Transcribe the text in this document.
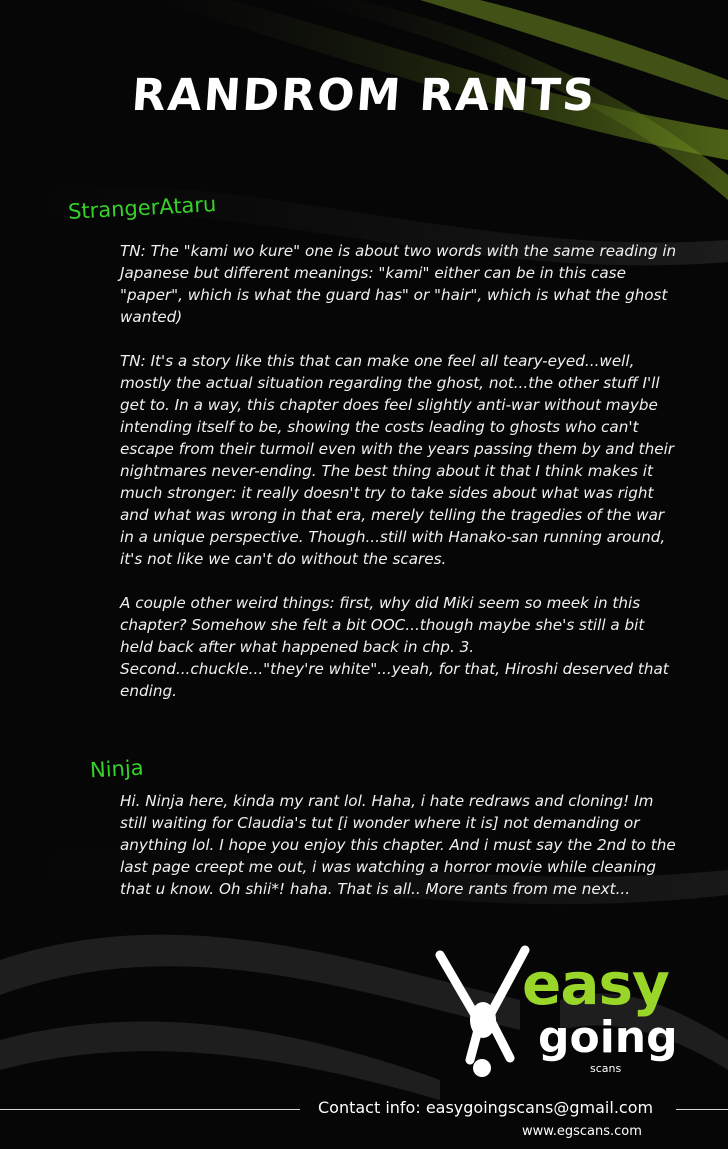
RANDROM RANTS
StrangerAtaru

TN: The "kami wo kure" one is about two words with the same reading in Japanese but different meanings: "kami" either can be in this case "paper", which is what the guard has" or "hair", which is what the ghost wanted)

TN: It's a story like this that can make one feel all teary-eyed...well, mostly the actual situation regarding the ghost, not...the other stuff I'll get to. In a way, this chapter does feel slightly anti-war without maybe intending itself to be, showing the costs leading to ghosts who can't escape from their turmoil even with the years passing them by and their nightmares never-ending. The best thing about it that I think makes it much stronger: it really doesn't try to take sides about what was right and what was wrong in that era, merely telling the tragedies of the war in a unique perspective. Though...still with Hanako-san running around, it's not like we can't do without the scares.

A couple other weird things: first, why did Miki seem so meek in this chapter? Somehow she felt a bit OOC...though maybe she's still a bit held back after what happened back in chp. 3. Second...chuckle..."they're white"...yeah, for that, Hiroshi deserved that ending.

Ninja

Hi. Ninja here, kinda my rant lol. Haha, i hate redraws and cloning! Im still waiting for Claudia's tut [i wonder where it is] not demanding or anything lol. I hope you enjoy this chapter. And i must say the 2nd to the last page creept me out, i was watching a horror movie while cleaning that u know. Oh shii*! haha. That is all.. More rants from me next...

easy
going
scans
Contact info: easygoingscans@gmail.com
www.egscans.com
